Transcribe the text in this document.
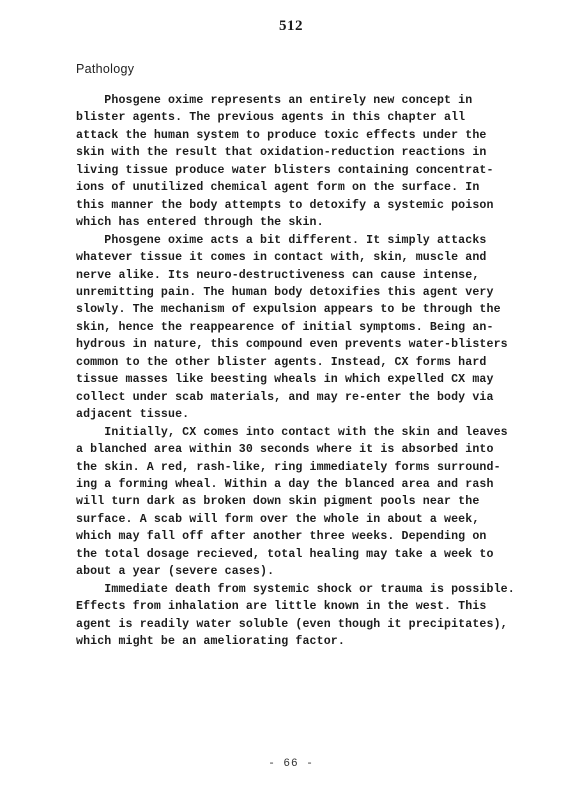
512
Pathology
Phosgene oxime represents an entirely new concept in
blister agents. The previous agents in this chapter all
attack the human system to produce toxic effects under the
skin with the result that oxidation-reduction reactions in
living tissue produce water blisters containing concentrat-
ions of unutilized chemical agent form on the surface. In
this manner the body attempts to detoxify a systemic poison
which has entered through the skin.
Phosgene oxime acts a bit different. It simply attacks
whatever tissue it comes in contact with, skin, muscle and
nerve alike. Its neuro-destructiveness can cause intense,
unremitting pain. The human body detoxifies this agent very
slowly. The mechanism of expulsion appears to be through the
skin, hence the reappearence of initial symptoms. Being an-
hydrous in nature, this compound even prevents water-blisters
common to the other blister agents. Instead, CX forms hard
tissue masses like beesting wheals in which expelled CX may
collect under scab materials, and may re-enter the body via
adjacent tissue.
Initially, CX comes into contact with the skin and leaves
a blanched area within 30 seconds where it is absorbed into
the skin. A red, rash-like, ring immediately forms surround-
ing a forming wheal. Within a day the blanced area and rash
will turn dark as broken down skin pigment pools near the
surface. A scab will form over the whole in about a week,
which may fall off after another three weeks. Depending on
the total dosage recieved, total healing may take a week to
about a year (severe cases).
Immediate death from systemic shock or trauma is possible.
Effects from inhalation are little known in the west. This
agent is readily water soluble (even though it precipitates),
which might be an ameliorating factor.
- 66 -
